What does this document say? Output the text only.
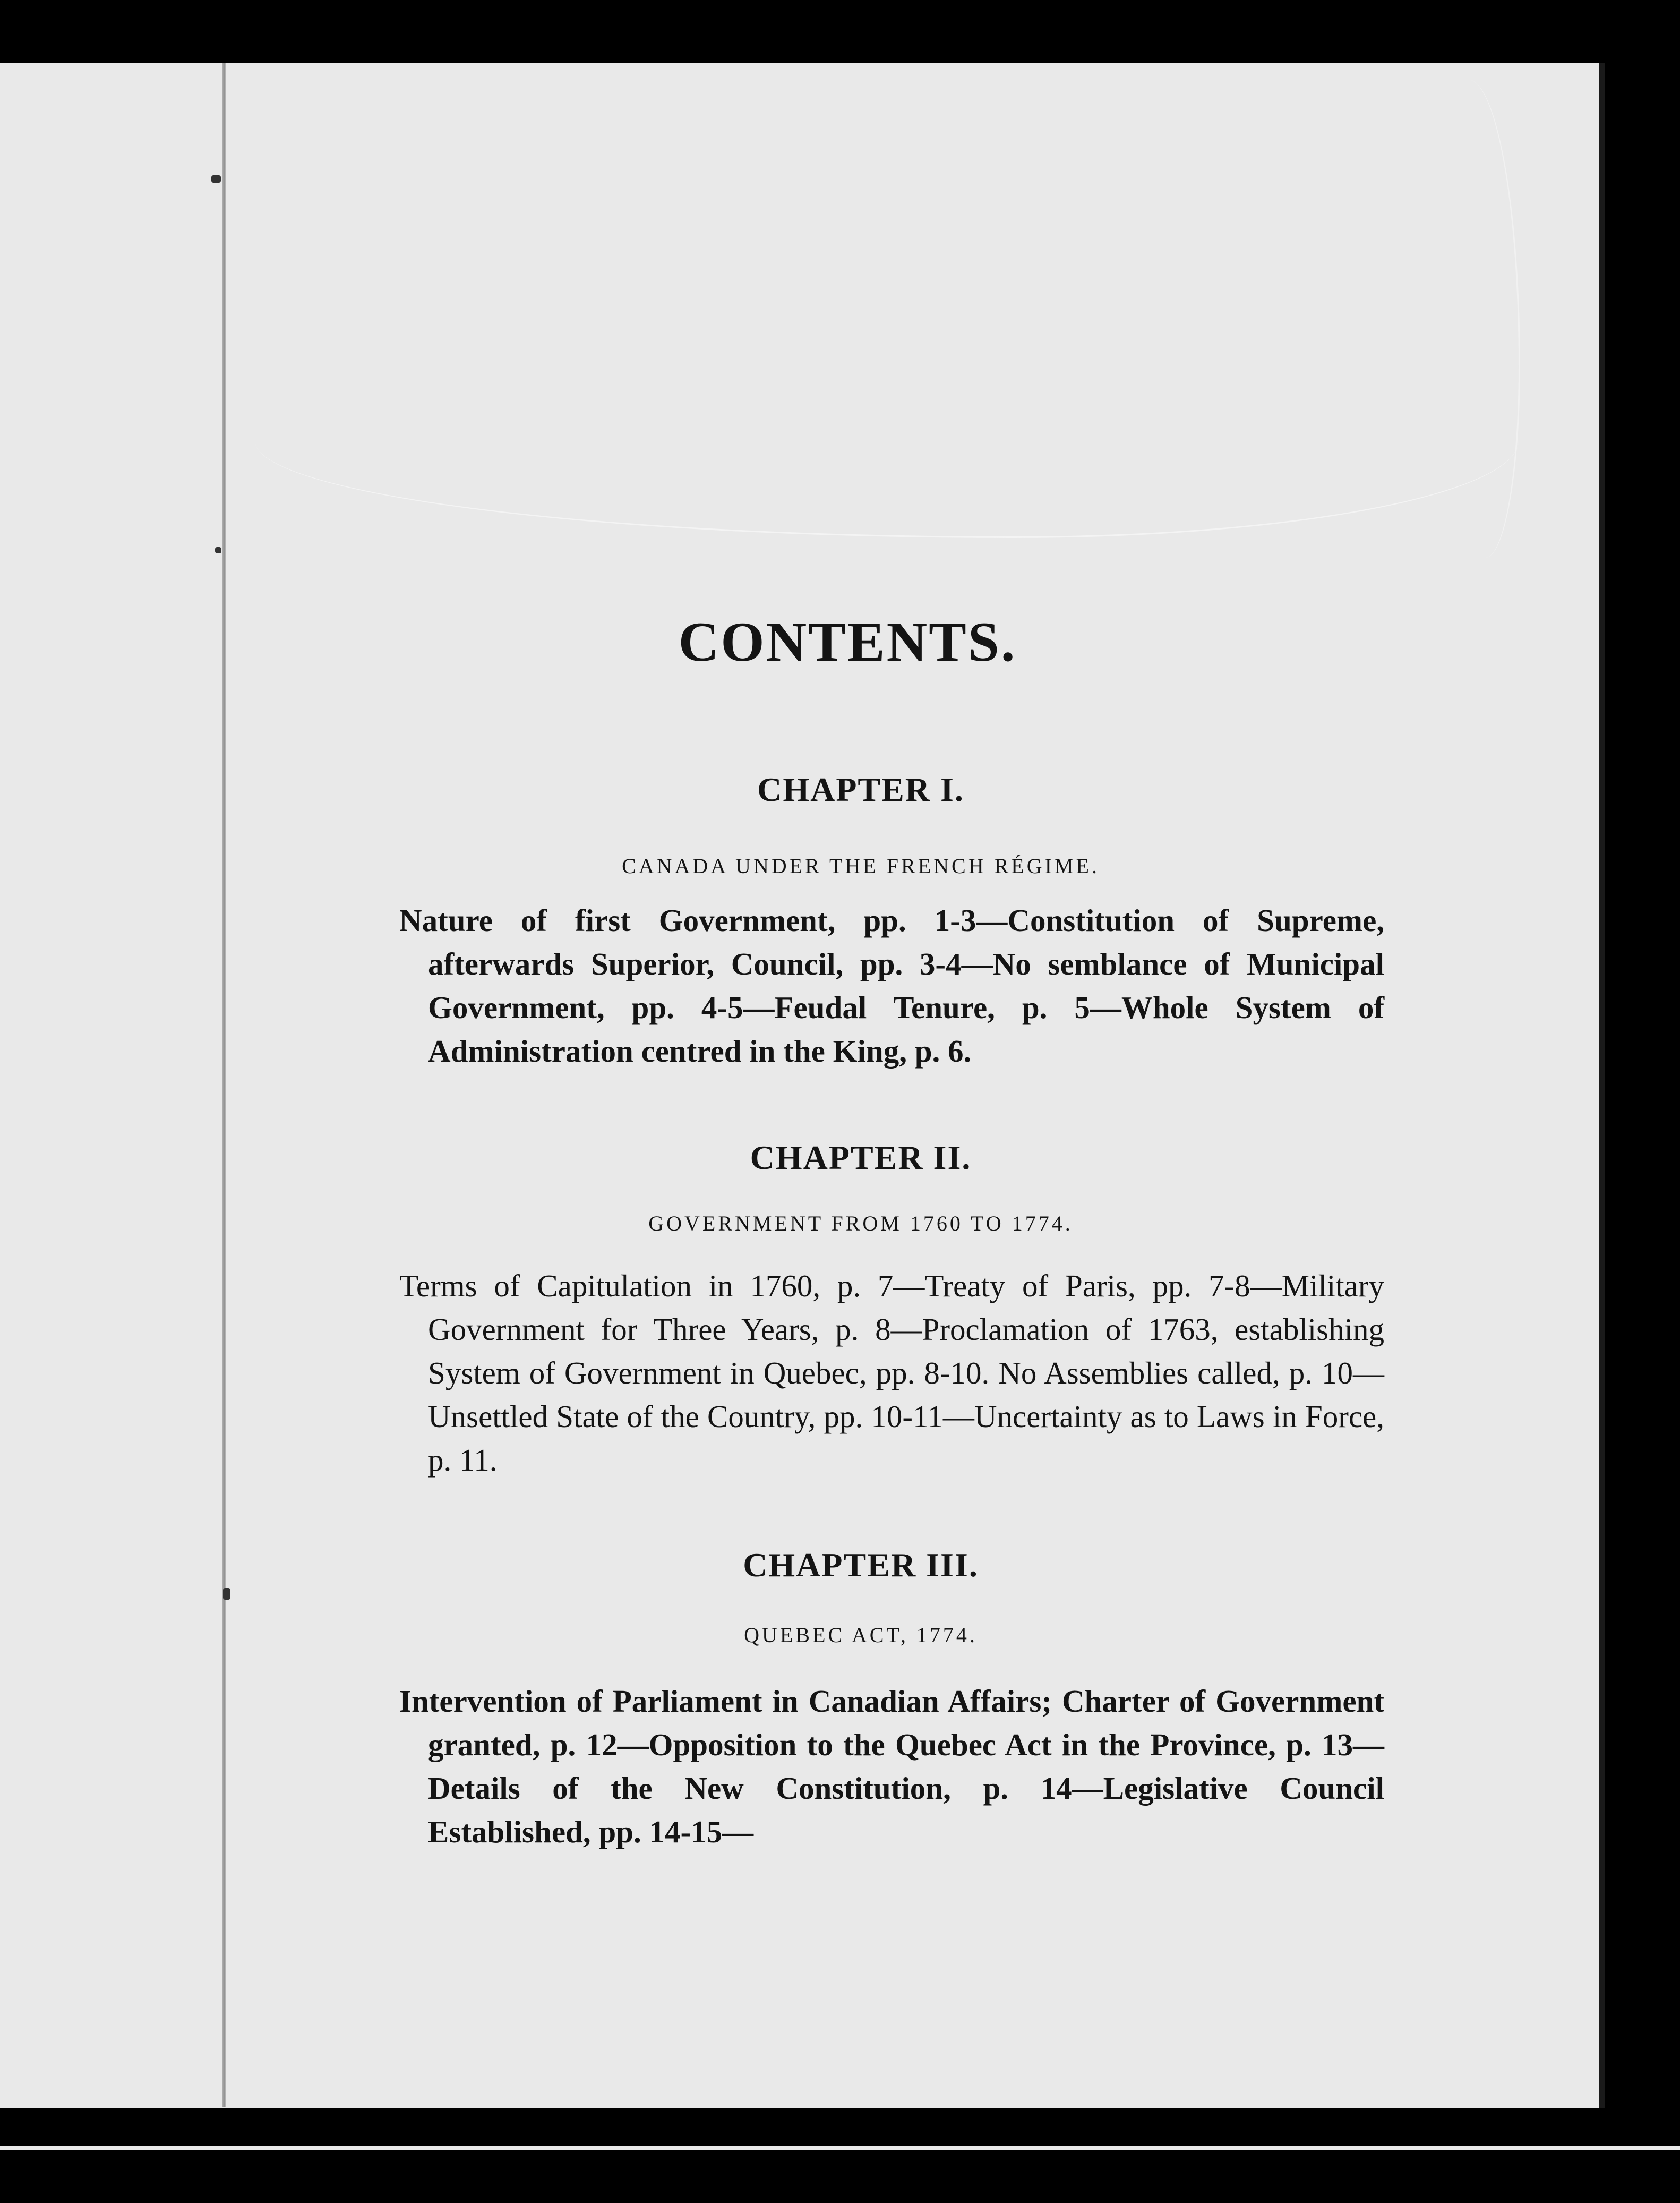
CONTENTS.
CHAPTER I.
CANADA UNDER THE FRENCH RÉGIME.

Nature of first Government, pp. 1-3—Constitution of Supreme, afterwards Superior, Council, pp. 3-4—No semblance of Municipal Government, pp. 4-5—Feudal Tenure, p. 5—Whole System of Administration centred in the King, p. 6.

CHAPTER II.
GOVERNMENT FROM 1760 TO 1774.

Terms of Capitulation in 1760, p. 7—Treaty of Paris, pp. 7-8—Military Government for Three Years, p. 8—Proclamation of 1763, establishing System of Government in Quebec, pp. 8-10. No Assemblies called, p. 10—Unsettled State of the Country, pp. 10-11—Uncertainty as to Laws in Force, p. 11.

CHAPTER III.
QUEBEC ACT, 1774.

Intervention of Parliament in Canadian Affairs; Charter of Government granted, p. 12—Opposition to the Quebec Act in the Province, p. 13—Details of the New Constitution, p. 14—Legislative Council Established, pp. 14-15—
